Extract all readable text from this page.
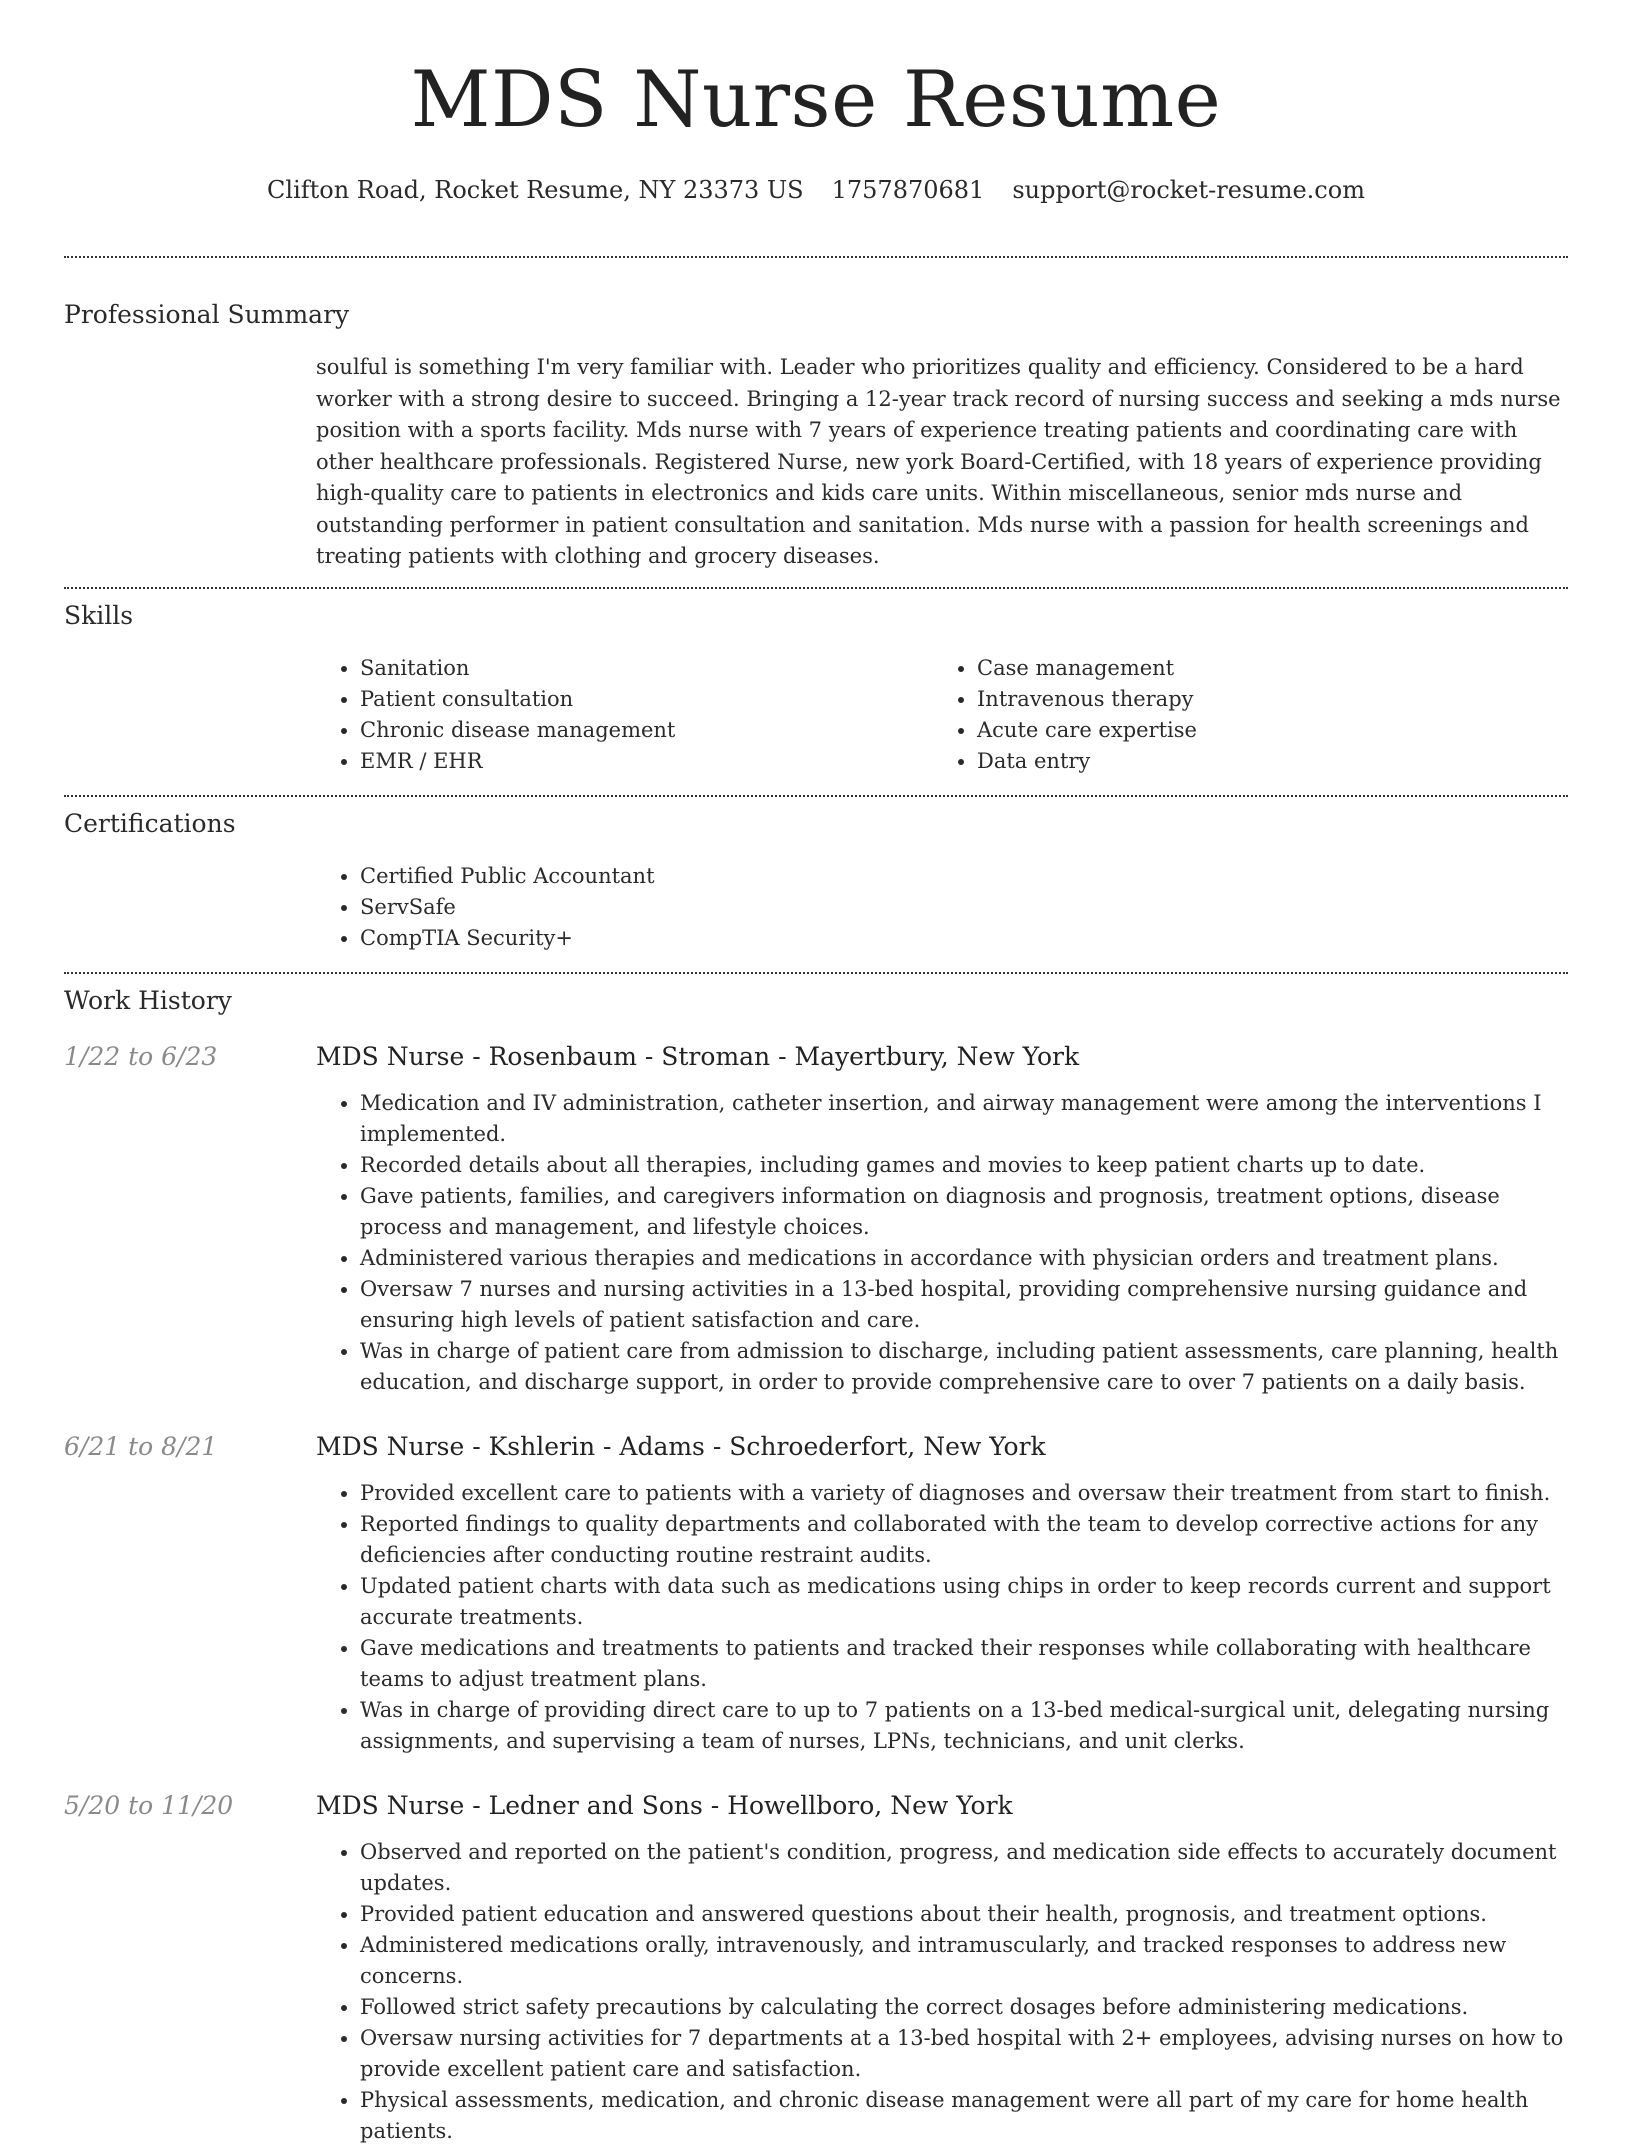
MDS Nurse Resume
Clifton Road, Rocket Resume, NY 23373 US 1757870681 support@rocket-resume.com
Professional Summary

soulful is something I'm very familiar with. Leader who prioritizes quality and efficiency. Considered to be a hard worker with a strong desire to succeed. Bringing a 12-year track record of nursing success and seeking a mds nurse position with a sports facility. Mds nurse with 7 years of experience treating patients and coordinating care with other healthcare professionals. Registered Nurse, new york Board-Certified, with 18 years of experience providing high-quality care to patients in electronics and kids care units. Within miscellaneous, senior mds nurse and outstanding performer in patient consultation and sanitation. Mds nurse with a passion for health screenings and treating patients with clothing and grocery diseases.

Skills
• Sanitation
• Patient consultation
• Chronic disease management
• EMR / EHR
• Case management
• Intravenous therapy
• Acute care expertise
• Data entry
Certifications
• Certified Public Accountant
• ServSafe
• CompTIA Security+
Work History
1/22 to 6/23	MDS Nurse - Rosenbaum - Stroman - Mayertbury, New York
• Medication and IV administration, catheter insertion, and airway management were among the interventions I implemented.
• Recorded details about all therapies, including games and movies to keep patient charts up to date.
• Gave patients, families, and caregivers information on diagnosis and prognosis, treatment options, disease process and management, and lifestyle choices.
• Administered various therapies and medications in accordance with physician orders and treatment plans.
• Oversaw 7 nurses and nursing activities in a 13-bed hospital, providing comprehensive nursing guidance and ensuring high levels of patient satisfaction and care.
• Was in charge of patient care from admission to discharge, including patient assessments, care planning, health education, and discharge support, in order to provide comprehensive care to over 7 patients on a daily basis.
6/21 to 8/21	MDS Nurse - Kshlerin - Adams - Schroederfort, New York
• Provided excellent care to patients with a variety of diagnoses and oversaw their treatment from start to finish.
• Reported findings to quality departments and collaborated with the team to develop corrective actions for any deficiencies after conducting routine restraint audits.
• Updated patient charts with data such as medications using chips in order to keep records current and support accurate treatments.
• Gave medications and treatments to patients and tracked their responses while collaborating with healthcare teams to adjust treatment plans.
• Was in charge of providing direct care to up to 7 patients on a 13-bed medical-surgical unit, delegating nursing assignments, and supervising a team of nurses, LPNs, technicians, and unit clerks.
5/20 to 11/20	MDS Nurse - Ledner and Sons - Howellboro, New York
• Observed and reported on the patient's condition, progress, and medication side effects to accurately document updates.
• Provided patient education and answered questions about their health, prognosis, and treatment options.
• Administered medications orally, intravenously, and intramuscularly, and tracked responses to address new concerns.
• Followed strict safety precautions by calculating the correct dosages before administering medications.
• Oversaw nursing activities for 7 departments at a 13-bed hospital with 2+ employees, advising nurses on how to provide excellent patient care and satisfaction.
• Physical assessments, medication, and chronic disease management were all part of my care for home health patients.
